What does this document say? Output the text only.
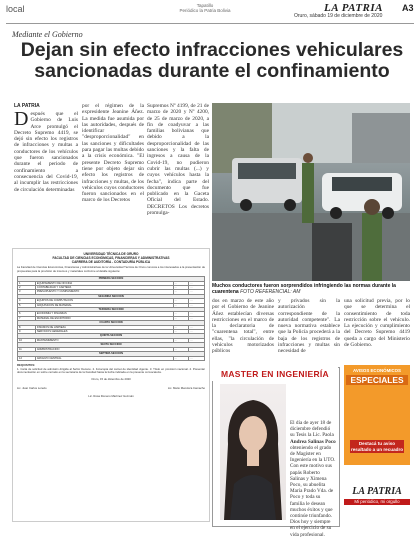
local	Tapatillo
Periódico la Patria Bolivia	LA PATRIA
Oruro, sábado 19 de diciembre de 2020
A3
Mediante el Gobierno
Dejan sin efecto infracciones vehiculares sancionadas durante el confinamiento
LA PATRIA
Después que el Gobierno de Luis Arce promulgó el Decreto Supremo 4419, se dejó sin efecto los registros de infracciones y multas a conductores de los vehículos que fueron sancionados durante el periodo de confinamiento a consecuencia del Covid-19, al incumplir las restricciones de circulación determinadas
por el régimen de la expresidente Jeanine Áñez. La medida fue asumida por las autoridades, después de identificar "desproporcionalidad" en las sanciones y dificultades para pagar las multas debido a la crisis económica. "El presente Decreto Supremo tiene por objeto dejar sin efecto los registros de infracciones y multas, de los vehículos cuyos conductores fueron sancionados en el marco de los Decretos
Supremos Nº 4199, de 21 de marzo de 2020 y Nº 4200, de 25 de marzo de 2020, a fin de coadyuvar a las familias bolivianas que debido a la desproporcionalidad de las sanciones y la falta de ingresos a causa de la Covid-19, no pudieron cubrir las multas (...) y cuyos vehículos hasta la fecha", indica parte del documento que fue publicado en la Gaceta Oficial del Estado. DECRETOS Los decretos promulga-
Muchos conductores fueron sorprendidos infringiendo las normas durante la cuarentena FOTO REFERENCIAL: AM
UNIVERSIDAD TÉCNICA DE ORURO
FACULTAD DE CIENCIAS ECONÓMICAS, FINANCIERAS Y ADMINISTRATIVAS
CARRERA DE AUDITORÍA - CONTADURÍA PÚBLICA
La Facultad de Ciencias Económicas, Financieras y Administrativas de la Universidad Técnica de Oruro convoca a los interesados a la presentación de propuestas para la provisión de insumos y materiales conforme al detalle siguiente:
PRIMERA SECCIÓN			
1	EQUIPAMIENTO DE OFICINA	...	...
2	CONTABILIDAD Y CARTERA	...	...
3	PRESUPUESTO Y CUMPLIMIENTO	...	...
SEGUNDA SECCIÓN			
4	EQUIPOS DE COMPUTACIÓN	...	...
5	ADQUISICIÓN DE MATERIAL	...	...
TERCERA SECCIÓN			
6	ECONOMÍA Y FINANZAS	...	...
7	MATERIAL DE ESCRITORIO	...	...
CUARTA SECCIÓN			
8	INSUMOS DE LIMPIEZA	...	...
9	SERVICIOS GENERALES	...	...
QUINTA SECCIÓN			
10	MANTENIMIENTO	...	...
SEXTA SECCIÓN			
11	ADMINISTRACIÓN	...	...
SÉPTIMA SECCIÓN			
12	ARCHIVO CENTRAL	...	...
REQUISITOS:
1. Carta de solicitud de admisión dirigida al Señor Decano. 2. Fotocopia del carnet de identidad vigente. 3. Título en provisión nacional. 4. Presentar documentación en sobre cerrado en la secretaría de la Facultad hasta la fecha indicada en la presente convocatoria.
Oruro, 15 de diciembre de 2020
Lic. Juan Carlos Loredo	Lic. Mario Mendoza Camacho
Lic. Rosa Romero Martínez Guzmán
dos en marzo de este año por el Gobierno de Jeanine Áñez establecían diversas restricciones en el marco de la declaratoria de "cuarentena total", entre ellas, "la circulación de vehículos motorizados públicos
y privados sin la autorización correspondiente de la autoridad competente". La nueva normativa establece que la Policía procederá a la baja de los registros de infracciones y multas sin necesidad de
una solicitud previa, por lo que se determina el consentimiento de toda restricción sobre el vehículo. La ejecución y cumplimiento del Decreto Supremo 4419 queda a cargo del Ministerio de Gobierno.
MASTER EN INGENIERÍA
El día de ayer 18 de diciembre defendió su Tesis la Lic. Paola
Andrea Salinas Poco
obteniendo el grado de Magíster en Ingeniería en la UTO. Con este motivo sus papás Roberto Salinas y Ximena Poco, su abuelita María Prado Vda. de Poco y toda su familia le desean muchos éxitos y que continúe triunfando. Dios hoy y siempre en el ejercicio de su vida profesional.
AVISOS ECONÓMICOS
ESPECIALES
Destacá tu aviso resaltado a un recuadro
LA PATRIA
Mi periódico, mi orgullo
